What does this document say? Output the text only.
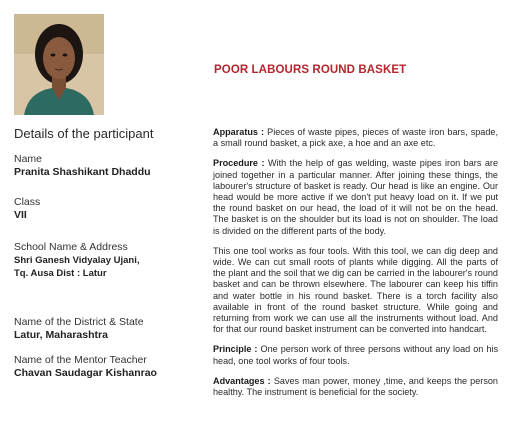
POOR LABOURS ROUND BASKET
Details of the participant
Name
Pranita Shashikant Dhaddu
Class
VII
School Name & Address
Shri Ganesh Vidyalay Ujani,
Tq. Ausa Dist : Latur
Name of the District & State
Latur, Maharashtra
Name of the Mentor Teacher
Chavan Saudagar Kishanrao

Apparatus : Pieces of waste pipes, pieces of waste iron bars, spade, a small round basket, a pick axe, a hoe and an axe etc.

Procedure : With the help of gas welding, waste pipes iron bars are joined together in a particular manner. After joining these things, the labourer's structure of basket is ready. Our head is like an engine. Our head would be more active if we don't put heavy load on it. If we put the round basket on our head, the load of it will not be on the head. The basket is on the shoulder but its load is not on shoulder. The load is divided on the different parts of the body.

This one tool works as four tools. With this tool, we can dig deep and wide. We can cut small roots of plants while digging. All the parts of the plant and the soil that we dig can be carried in the labourer's round basket and can be thrown elsewhere. The labourer can keep his tiffin and water bottle in his round basket. There is a torch facility also available in front of the round basket structure. While going and returning from work we can use all the instruments without load. And for that our round basket instrument can be converted into handcart.

Principle : One person work of three persons without any load on his head, one tool works of four tools.

Advantages : Saves man power, money ,time, and keeps the person healthy. The instrument is beneficial for the society.
